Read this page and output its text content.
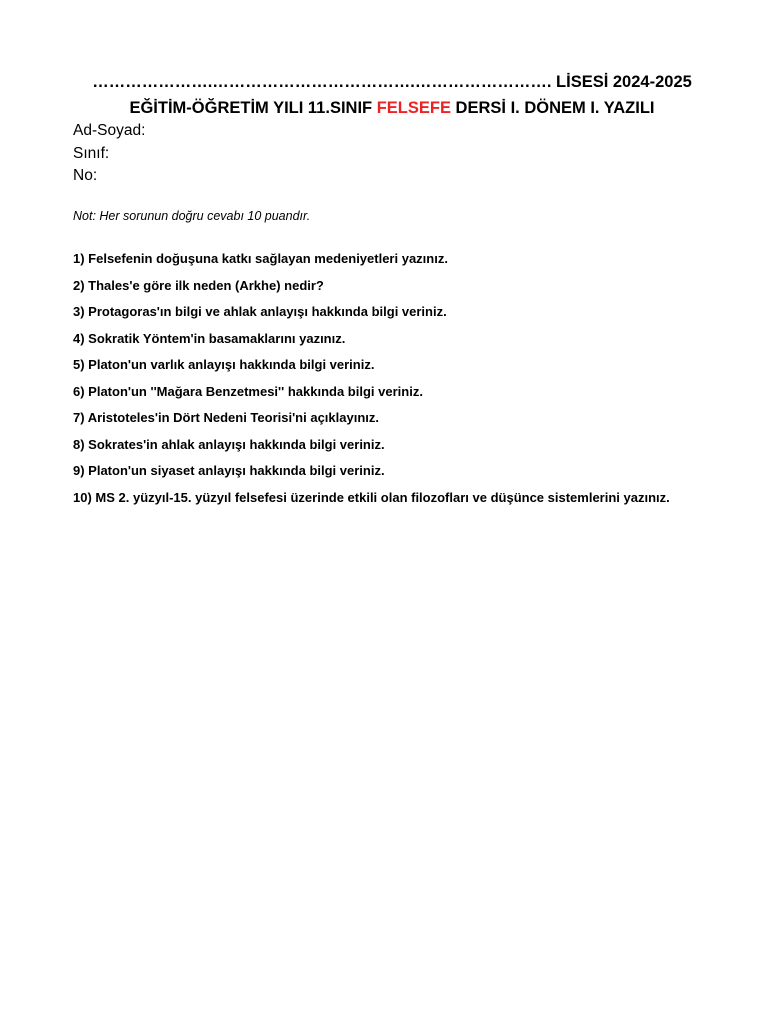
………………….……………………………….……………………. LİSESİ 2024-2025
EĞİTİM-ÖĞRETİM YILI 11.SINIF FELSEFE DERSİ I. DÖNEM I. YAZILI
Ad-Soyad:
Sınıf:
No:
Not: Her sorunun doğru cevabı 10 puandır.
1) Felsefenin doğuşuna katkı sağlayan medeniyetleri yazınız.
2) Thales'e göre ilk neden (Arkhe) nedir?
3) Protagoras'ın bilgi ve ahlak anlayışı hakkında bilgi veriniz.
4) Sokratik Yöntem'in basamaklarını yazınız.
5) Platon'un varlık anlayışı hakkında bilgi veriniz.
6) Platon'un ''Mağara Benzetmesi'' hakkında bilgi veriniz.
7) Aristoteles'in Dört Nedeni Teorisi'ni açıklayınız.
8) Sokrates'in ahlak anlayışı hakkında bilgi veriniz.
9) Platon'un siyaset anlayışı hakkında bilgi veriniz.
10) MS 2. yüzyıl-15. yüzyıl felsefesi üzerinde etkili olan filozofları ve düşünce sistemlerini yazınız.
